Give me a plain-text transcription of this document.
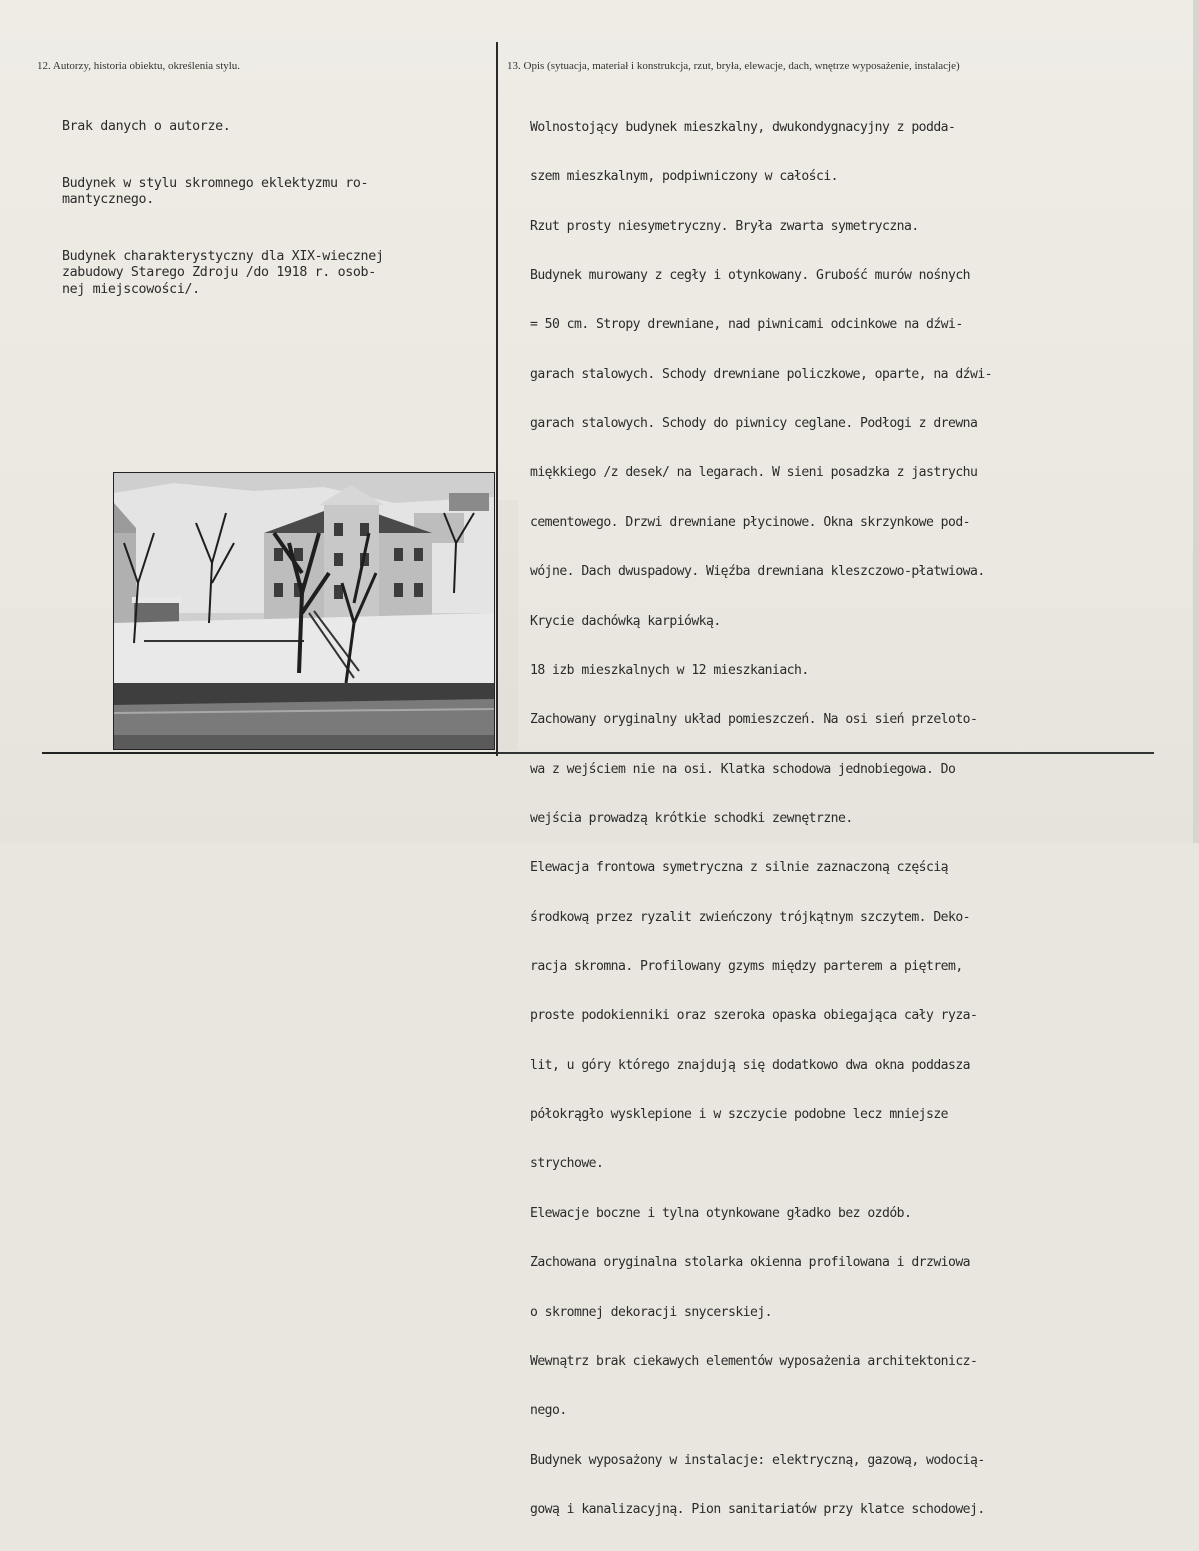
12. Autorzy, historia obiektu, określenia stylu.	13. Opis (sytuacja, materiał i konstrukcja, rzut, bryła, elewacje, dach, wnętrze wyposażenie, instalacje)

Brak danych o autorze.

Budynek w stylu skromnego eklektyzmu ro-
mantycznego.

Budynek charakterystyczny dla XIX-wiecznej
zabudowy Starego Zdroju /do 1918 r. osob-
nej miejscowości/.

Wolnostojący budynek mieszkalny, dwukondygnacyjny z podda-

szem mieszkalnym, podpiwniczony w całości.

Rzut prosty niesymetryczny. Bryła zwarta symetryczna.

Budynek murowany z cegły i otynkowany. Grubość murów nośnych

= 50 cm. Stropy drewniane, nad piwnicami odcinkowe na dźwi-

garach stalowych. Schody drewniane policzkowe, oparte, na dźwi-

garach stalowych. Schody do piwnicy ceglane. Podłogi z drewna

miękkiego /z desek/ na legarach. W sieni posadzka z jastrychu

cementowego. Drzwi drewniane płycinowe. Okna skrzynkowe pod-

wójne. Dach dwuspadowy. Więźba drewniana kleszczowo-płatwiowa.

Krycie dachówką karpiówką.

18 izb mieszkalnych w 12 mieszkaniach.

Zachowany oryginalny układ pomieszczeń. Na osi sień przeloto-

wa z wejściem nie na osi. Klatka schodowa jednobiegowa. Do

wejścia prowadzą krótkie schodki zewnętrzne.

Elewacja frontowa symetryczna z silnie zaznaczoną częścią

środkową przez ryzalit zwieńczony trójkątnym szczytem. Deko-

racja skromna. Profilowany gzyms między parterem a piętrem,

proste podokienniki oraz szeroka opaska obiegająca cały ryza-

lit, u góry którego znajdują się dodatkowo dwa okna poddasza

półokrągło wysklepione i w szczycie podobne lecz mniejsze

strychowe.

Elewacje boczne i tylna otynkowane gładko bez ozdób.

Zachowana oryginalna stolarka okienna profilowana i drzwiowa

o skromnej dekoracji snycerskiej.

Wewnątrz brak ciekawych elementów wyposażenia architektonicz-

nego.

Budynek wyposażony w instalacje: elektryczną, gazową, wodocią-

gową i kanalizacyjną. Pion sanitariatów przy klatce schodowej.
